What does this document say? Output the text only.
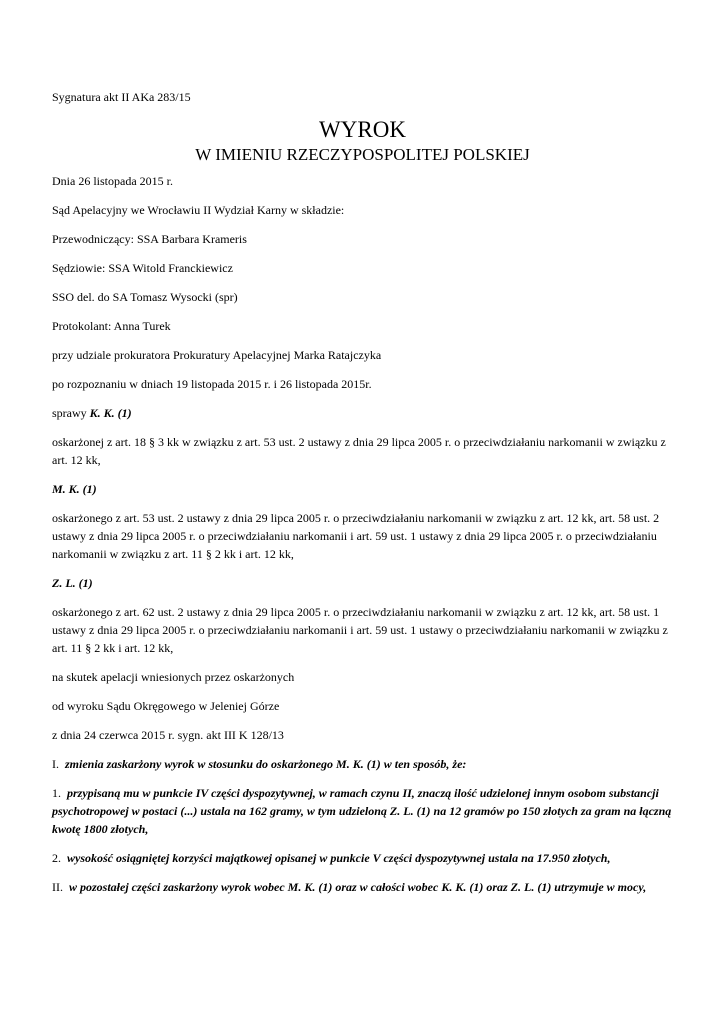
Sygnatura akt II AKa 283/15

WYROK

W IMIENIU RZECZYPOSPOLITEJ POLSKIEJ

Dnia 26 listopada 2015 r.

Sąd Apelacyjny we Wrocławiu II Wydział Karny w składzie:

Przewodniczący: SSA Barbara Krameris

Sędziowie: SSA Witold Franckiewicz

SSO del. do SA Tomasz Wysocki (spr)

Protokolant: Anna Turek

przy udziale prokuratora Prokuratury Apelacyjnej Marka Ratajczyka

po rozpoznaniu w dniach 19 listopada 2015 r. i 26 listopada 2015r.

sprawy K. K. (1)

oskarżonej z art. 18 § 3 kk w związku z art. 53 ust. 2 ustawy z dnia 29 lipca 2005 r. o przeciwdziałaniu narkomanii w związku z art. 12 kk,

M. K. (1)

oskarżonego z art. 53 ust. 2 ustawy z dnia 29 lipca 2005 r. o przeciwdziałaniu narkomanii w związku z art. 12 kk, art. 58 ust. 2 ustawy z dnia 29 lipca 2005 r. o przeciwdziałaniu narkomanii i art. 59 ust. 1 ustawy z dnia 29 lipca 2005 r. o przeciwdziałaniu narkomanii w związku z art. 11 § 2 kk i art. 12 kk,

Z. L. (1)

oskarżonego z art. 62 ust. 2 ustawy z dnia 29 lipca 2005 r. o przeciwdziałaniu narkomanii w związku z art. 12 kk, art. 58 ust. 1 ustawy z dnia 29 lipca 2005 r. o przeciwdziałaniu narkomanii i art. 59 ust. 1 ustawy o przeciwdziałaniu narkomanii w związku z art. 11 § 2 kk i art. 12 kk,

na skutek apelacji wniesionych przez oskarżonych

od wyroku Sądu Okręgowego w Jeleniej Górze

z dnia 24 czerwca 2015 r. sygn. akt III K 128/13

I. zmienia zaskarżony wyrok w stosunku do oskarżonego M. K. (1) w ten sposób, że:

1. przypisaną mu w punkcie IV części dyspozytywnej, w ramach czynu II, znaczą ilość udzielonej innym osobom substancji psychotropowej w postaci (...) ustala na 162 gramy, w tym udzieloną Z. L. (1) na 12 gramów po 150 złotych za gram na łączną kwotę 1800 złotych,

2. wysokość osiągniętej korzyści majątkowej opisanej w punkcie V części dyspozytywnej ustala na 17.950 złotych,

II. w pozostałej części zaskarżony wyrok wobec M. K. (1) oraz w całości wobec K. K. (1) oraz Z. L. (1) utrzymuje w mocy,
